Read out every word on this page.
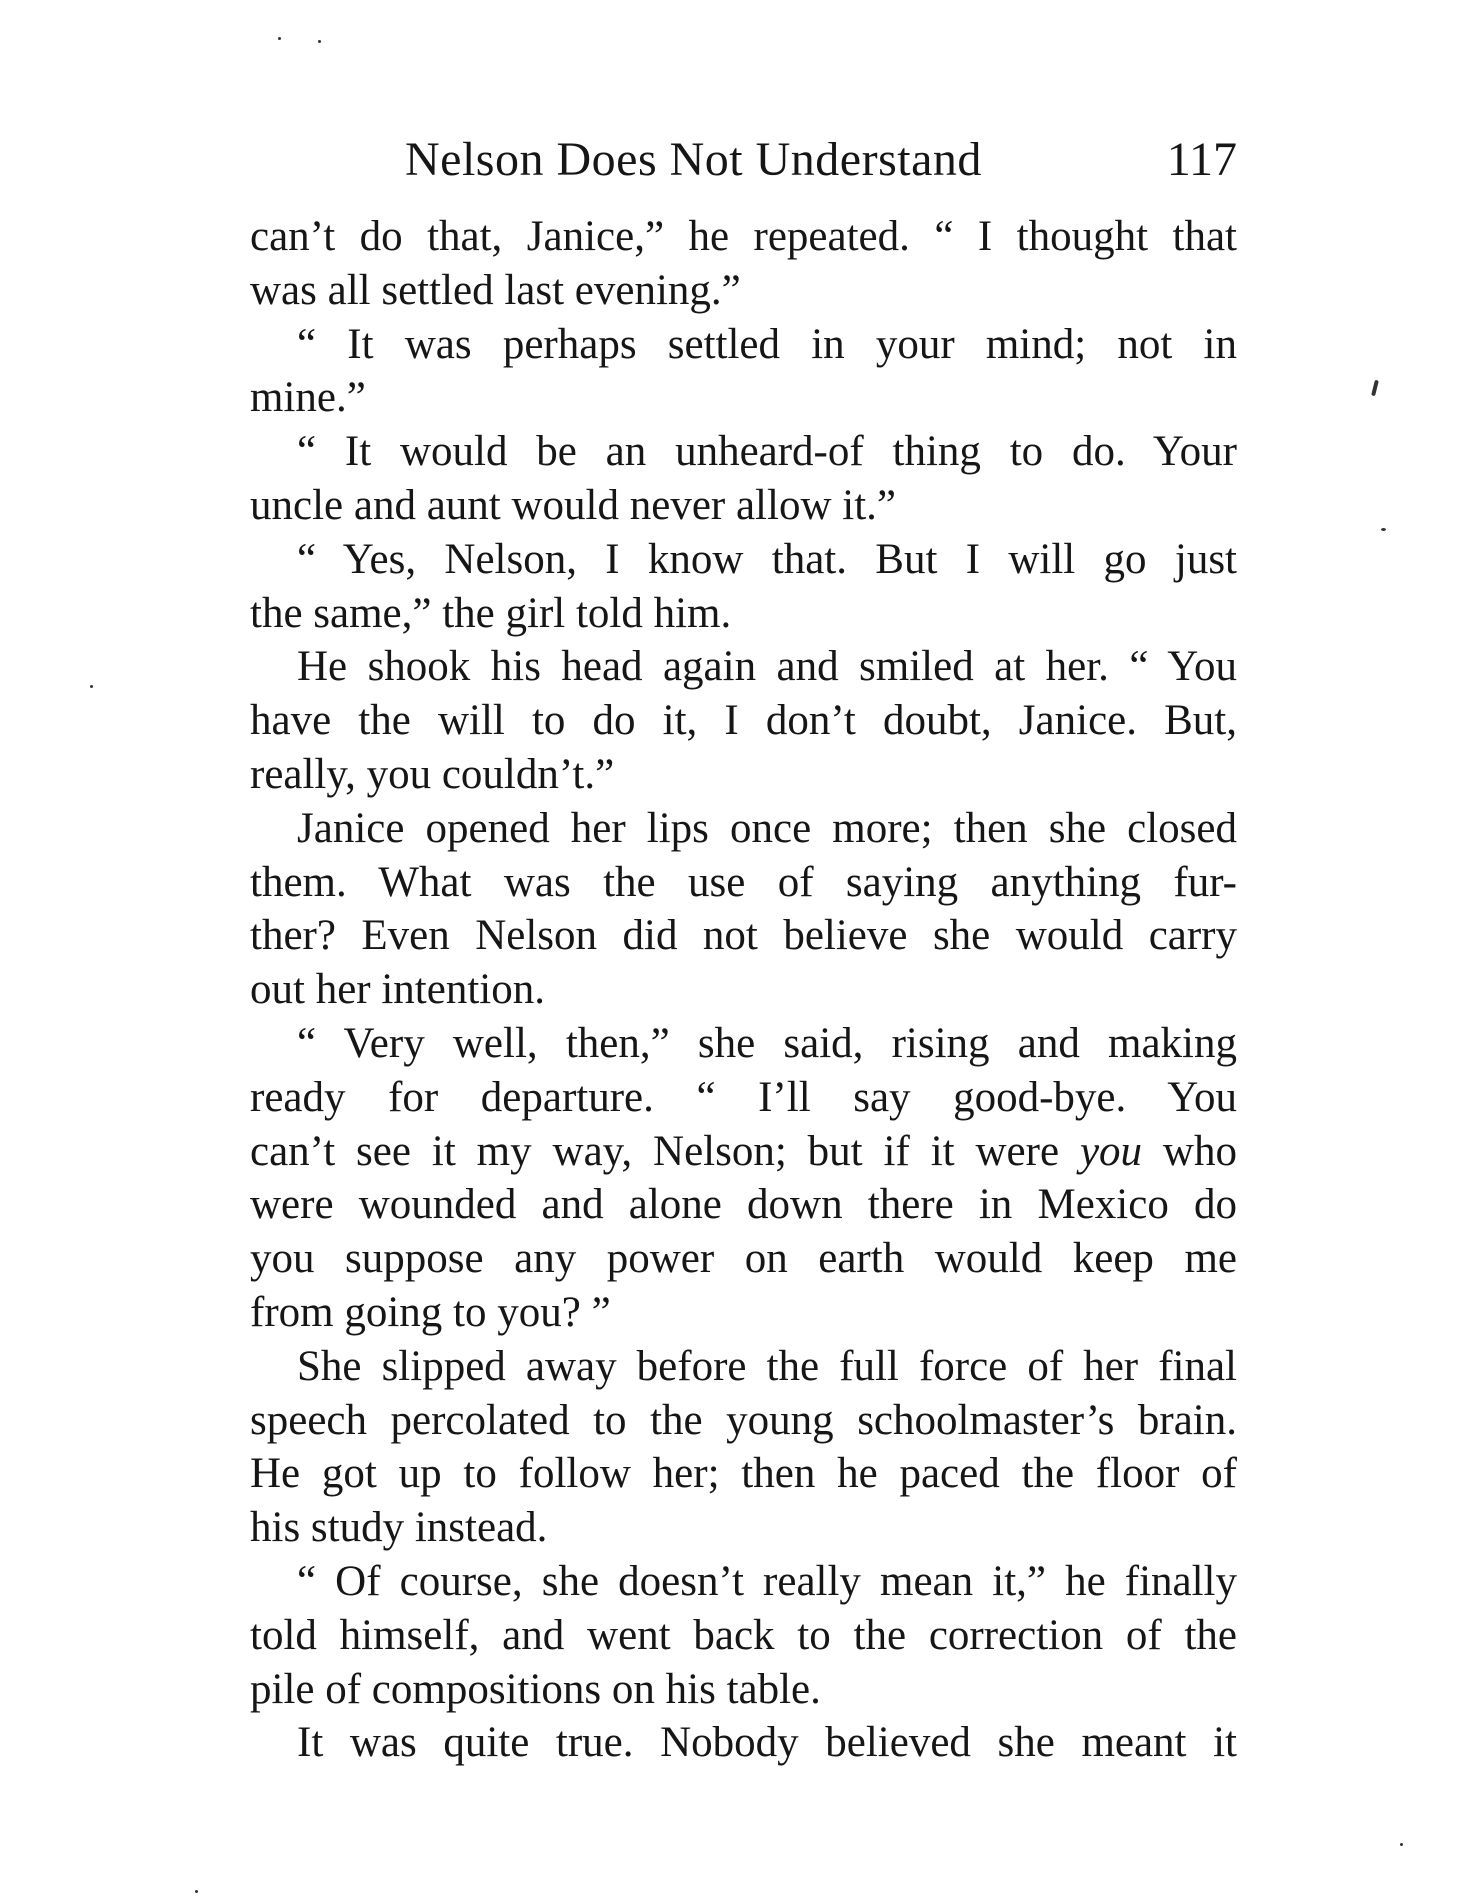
Nelson Does Not Understand	117
can’t do that, Janice,” he repeated. “ I thought that
was all settled last evening.”
“ It was perhaps settled in your mind; not in
mine.”
“ It would be an unheard-of thing to do. Your
uncle and aunt would never allow it.”
“ Yes, Nelson, I know that. But I will go just
the same,” the girl told him.
He shook his head again and smiled at her. “ You
have the will to do it, I don’t doubt, Janice. But,
really, you couldn’t.”
Janice opened her lips once more; then she closed
them. What was the use of saying anything fur-
ther? Even Nelson did not believe she would carry
out her intention.
“ Very well, then,” she said, rising and making
ready for departure. “ I’ll say good-bye. You
can’t see it my way, Nelson; but if it were you who
were wounded and alone down there in Mexico do
you suppose any power on earth would keep me
from going to you? ”
She slipped away before the full force of her final
speech percolated to the young schoolmaster’s brain.
He got up to follow her; then he paced the floor of
his study instead.
“ Of course, she doesn’t really mean it,” he finally
told himself, and went back to the correction of the
pile of compositions on his table.
It was quite true. Nobody believed she meant it
